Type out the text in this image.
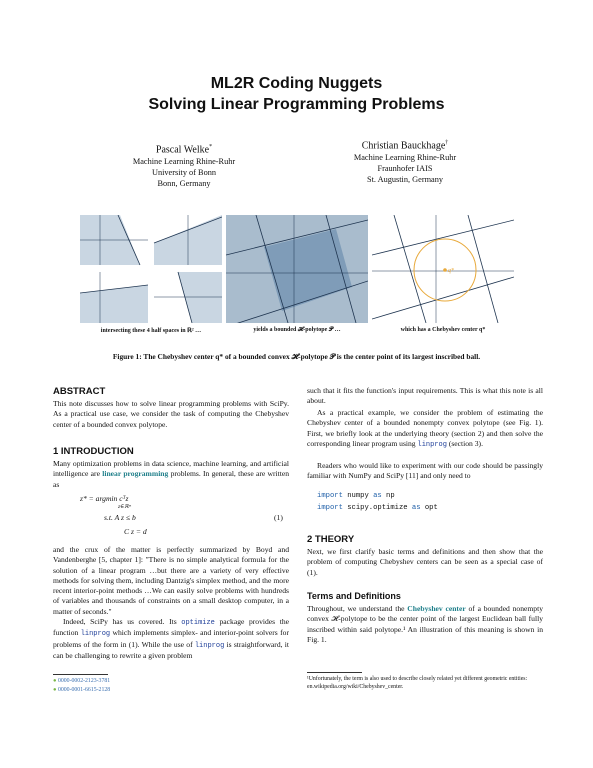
ML2R Coding Nuggets
Solving Linear Programming Problems
Pascal Welke*
Machine Learning Rhine-Ruhr
University of Bonn
Bonn, Germany
Christian Bauckhage†
Machine Learning Rhine-Ruhr
Fraunhofer IAIS
St. Augustin, Germany
q*
intersecting these 4 half spaces in ℝ² …	yields a bounded 𝓗-polytope 𝒫 …	which has a Chebyshev center q*
Figure 1: The Chebyshev center q* of a bounded convex 𝓗-polytope 𝒫 is the center point of its largest inscribed ball.
ABSTRACT
This note discusses how to solve linear programming problems with SciPy. As a practical use case, we consider the task of computing the Chebyshev center of a bounded convex polytope.
1 INTRODUCTION
Many optimization problems in data science, machine learning, and artificial intelligence are linear programming problems. In general, these are written as
z* = argmin cᵀz
z∈ℝᵐ
s.t. A z ≤ b
C z = d
(1)
and the crux of the matter is perfectly summarized by Boyd and Vandenberghe [5, chapter 1]: "There is no simple analytical formula for the solution of a linear program …but there are a variety of very effective methods for solving them, including Dantzig's simplex method, and the more recent interior-point methods …We can easily solve problems with hundreds of variables and thousands of constraints on a small desktop computer, in a matter of seconds."
Indeed, SciPy has us covered. Its optimize package provides the function linprog which implements simplex- and interior-point solvers for problems of the form in (1). While the use of linprog is straightforward, it can be challenging to rewrite a given problem
● 0000-0002-2123-3781
● 0000-0001-6615-2128
such that it fits the function's input requirements. This is what this note is all about.
As a practical example, we consider the problem of estimating the Chebyshev center of a bounded nonempty convex polytope (see Fig. 1). First, we briefly look at the underlying theory (section 2) and then solve the corresponding linear program using linprog (section 3).
Readers who would like to experiment with our code should be passingly familiar with NumPy and SciPy [11] and only need to
import numpy as np
import scipy.optimize as opt
2 THEORY
Next, we first clarify basic terms and definitions and then show that the problem of computing Chebyshev centers can be seen as a special case of (1).
Terms and Definitions
Throughout, we understand the Chebyshev center of a bounded nonempty convex 𝓗-polytope to be the center point of the largest Euclidean ball fully inscribed within said polytope.¹ An illustration of this meaning is shown in Fig. 1.
¹Unfortunately, the term is also used to describe closely related yet different geometric entities: en.wikipedia.org/wiki/Chebyshev_center.
